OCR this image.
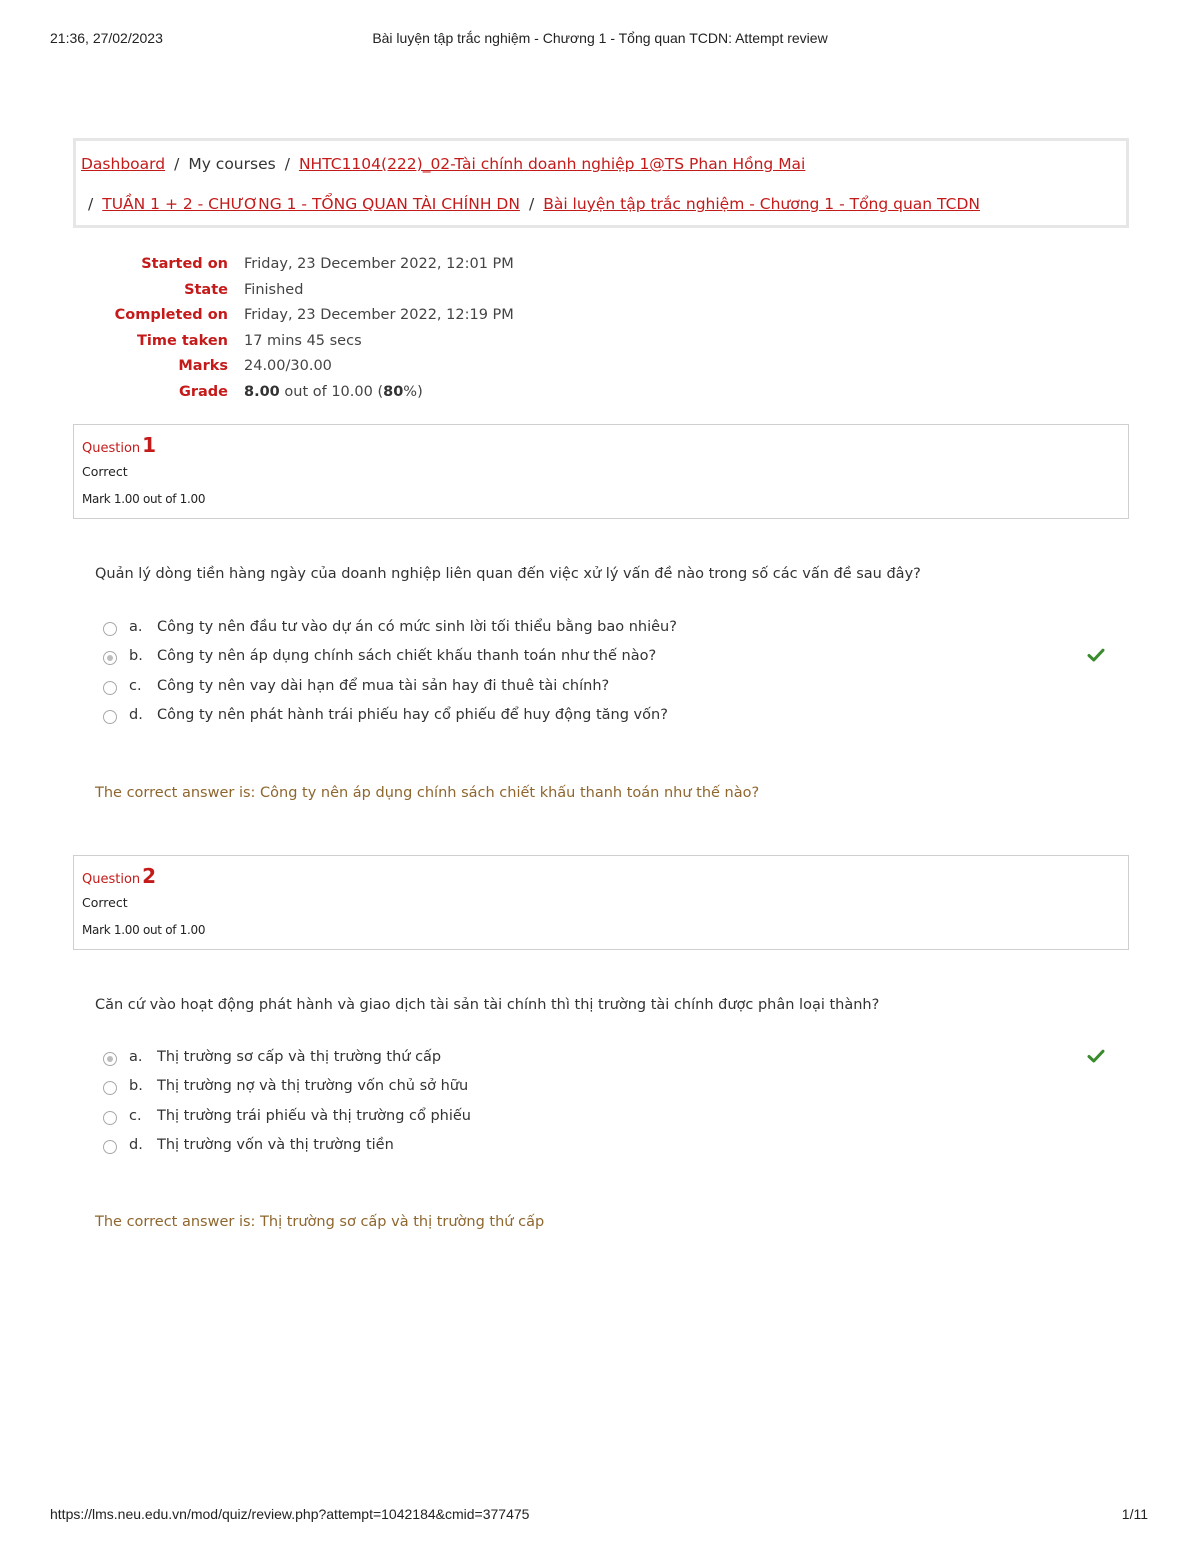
Bài luyện tập trắc nghiệm - Chương 1 - Tổng quan TCDN: Attempt review
21:36, 27/02/2023
Dashboard / My courses / NHTC1104(222)_02-Tài chính doanh nghiệp 1@TS Phan Hồng Mai
/ TUẦN 1 + 2 - CHƯƠNG 1 - TỔNG QUAN TÀI CHÍNH DN / Bài luyện tập trắc nghiệm - Chương 1 - Tổng quan TCDN
Started on Friday, 23 December 2022, 12:01 PM
State Finished
Completed on Friday, 23 December 2022, 12:19 PM
Time taken 17 mins 45 secs
Marks 24.00/30.00
Grade 8.00 out of 10.00 (80%)
Question 1
Correct
Mark 1.00 out of 1.00
Quản lý dòng tiền hàng ngày của doanh nghiệp liên quan đến việc xử lý vấn đề nào trong số các vấn đề sau đây?
a. Công ty nên đầu tư vào dự án có mức sinh lời tối thiểu bằng bao nhiêu?
b. Công ty nên áp dụng chính sách chiết khấu thanh toán như thế nào?
c. Công ty nên vay dài hạn để mua tài sản hay đi thuê tài chính?
d. Công ty nên phát hành trái phiếu hay cổ phiếu để huy động tăng vốn?
The correct answer is: Công ty nên áp dụng chính sách chiết khấu thanh toán như thế nào?
Question 2
Correct
Mark 1.00 out of 1.00
Căn cứ vào hoạt động phát hành và giao dịch tài sản tài chính thì thị trường tài chính được phân loại thành?
a. Thị trường sơ cấp và thị trường thứ cấp
b. Thị trường nợ và thị trường vốn chủ sở hữu
c. Thị trường trái phiếu và thị trường cổ phiếu
d. Thị trường vốn và thị trường tiền
The correct answer is: Thị trường sơ cấp và thị trường thứ cấp
https://lms.neu.edu.vn/mod/quiz/review.php?attempt=1042184&cmid=377475	1/11
